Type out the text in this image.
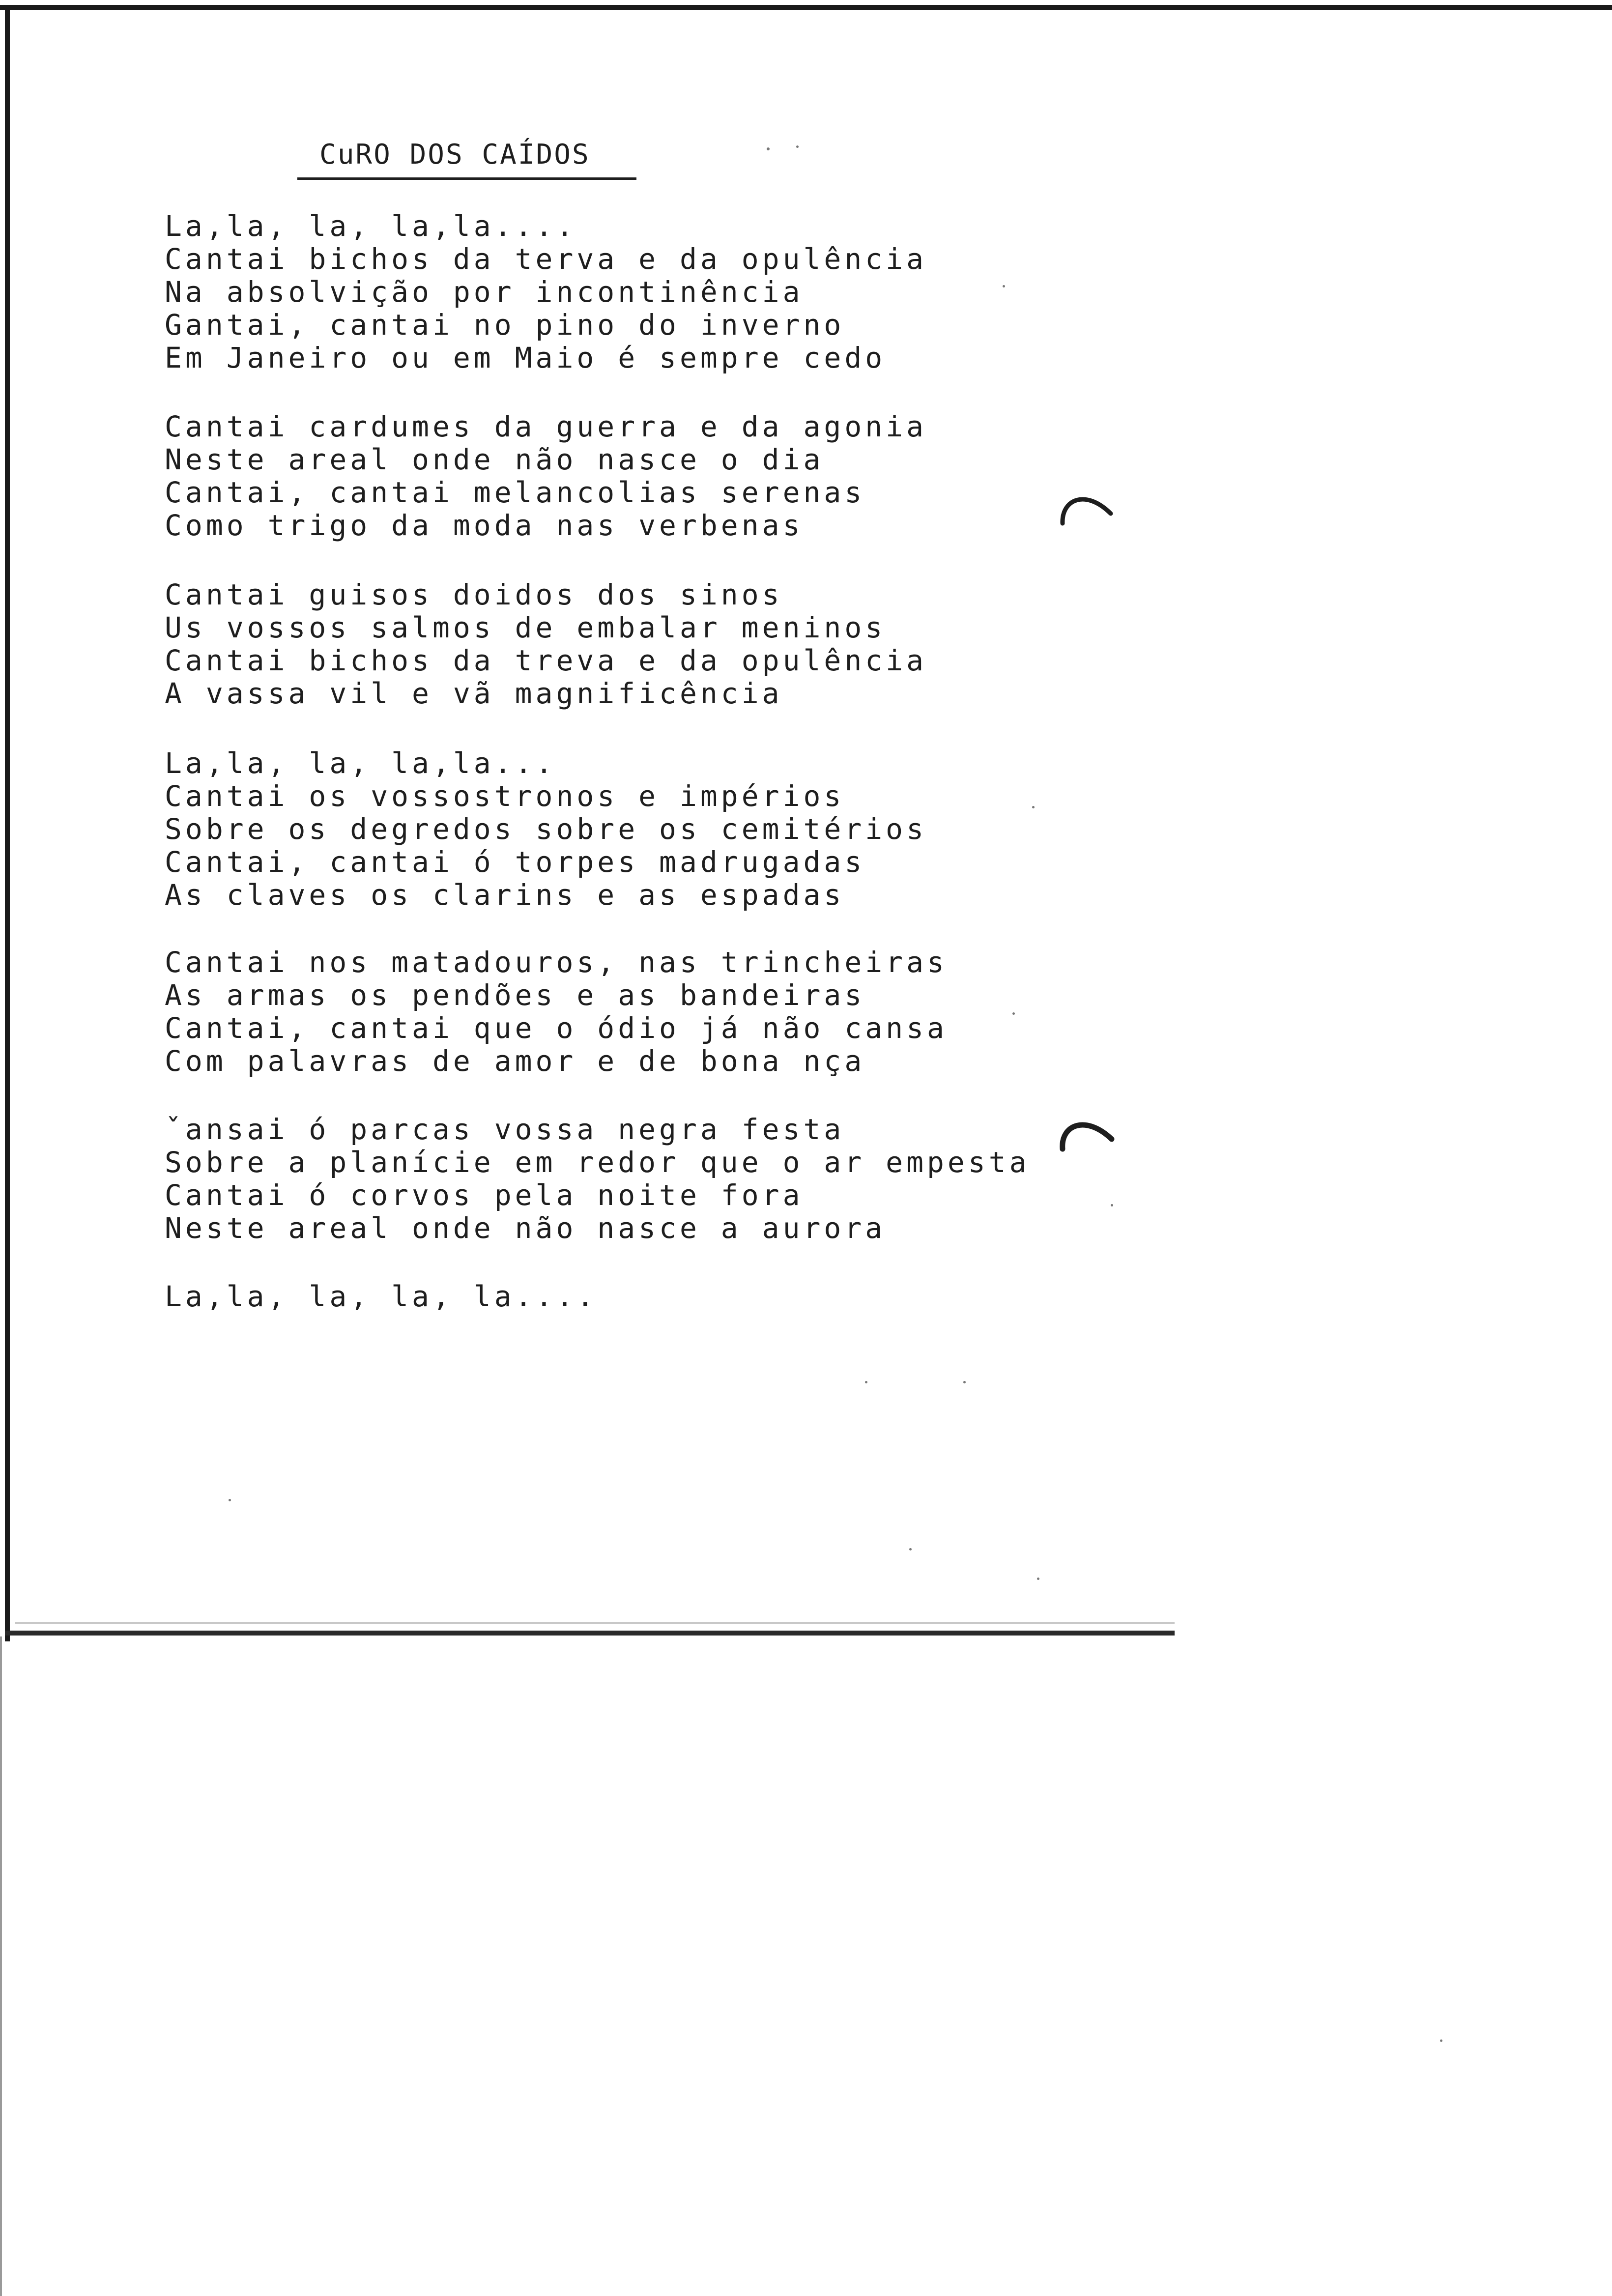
CuRO DOS CAÍDOS
La,la, la, la,la....
Cantai bichos da terva e da opulência
Na absolvição por incontinência
Gantai, cantai no pino do inverno
Em Janeiro ou em Maio é sempre cedo
Cantai cardumes da guerra e da agonia
Neste areal onde não nasce o dia
Cantai, cantai melancolias serenas
Como trigo da moda nas verbenas
Cantai guisos doidos dos sinos
Us vossos salmos de embalar meninos
Cantai bichos da treva e da opulência
A vassa vil e vã magnificência
La,la, la, la,la...
Cantai os vossostronos e impérios
Sobre os degredos sobre os cemitérios
Cantai, cantai ó torpes madrugadas
As claves os clarins e as espadas
Cantai nos matadouros, nas trincheiras
As armas os pendões e as bandeiras
Cantai, cantai que o ódio já não cansa
Com palavras de amor e de bona nça
ˇansai ó parcas vossa negra festa
Sobre a planície em redor que o ar empesta
Cantai ó corvos pela noite fora
Neste areal onde não nasce a aurora
La,la, la, la, la....
